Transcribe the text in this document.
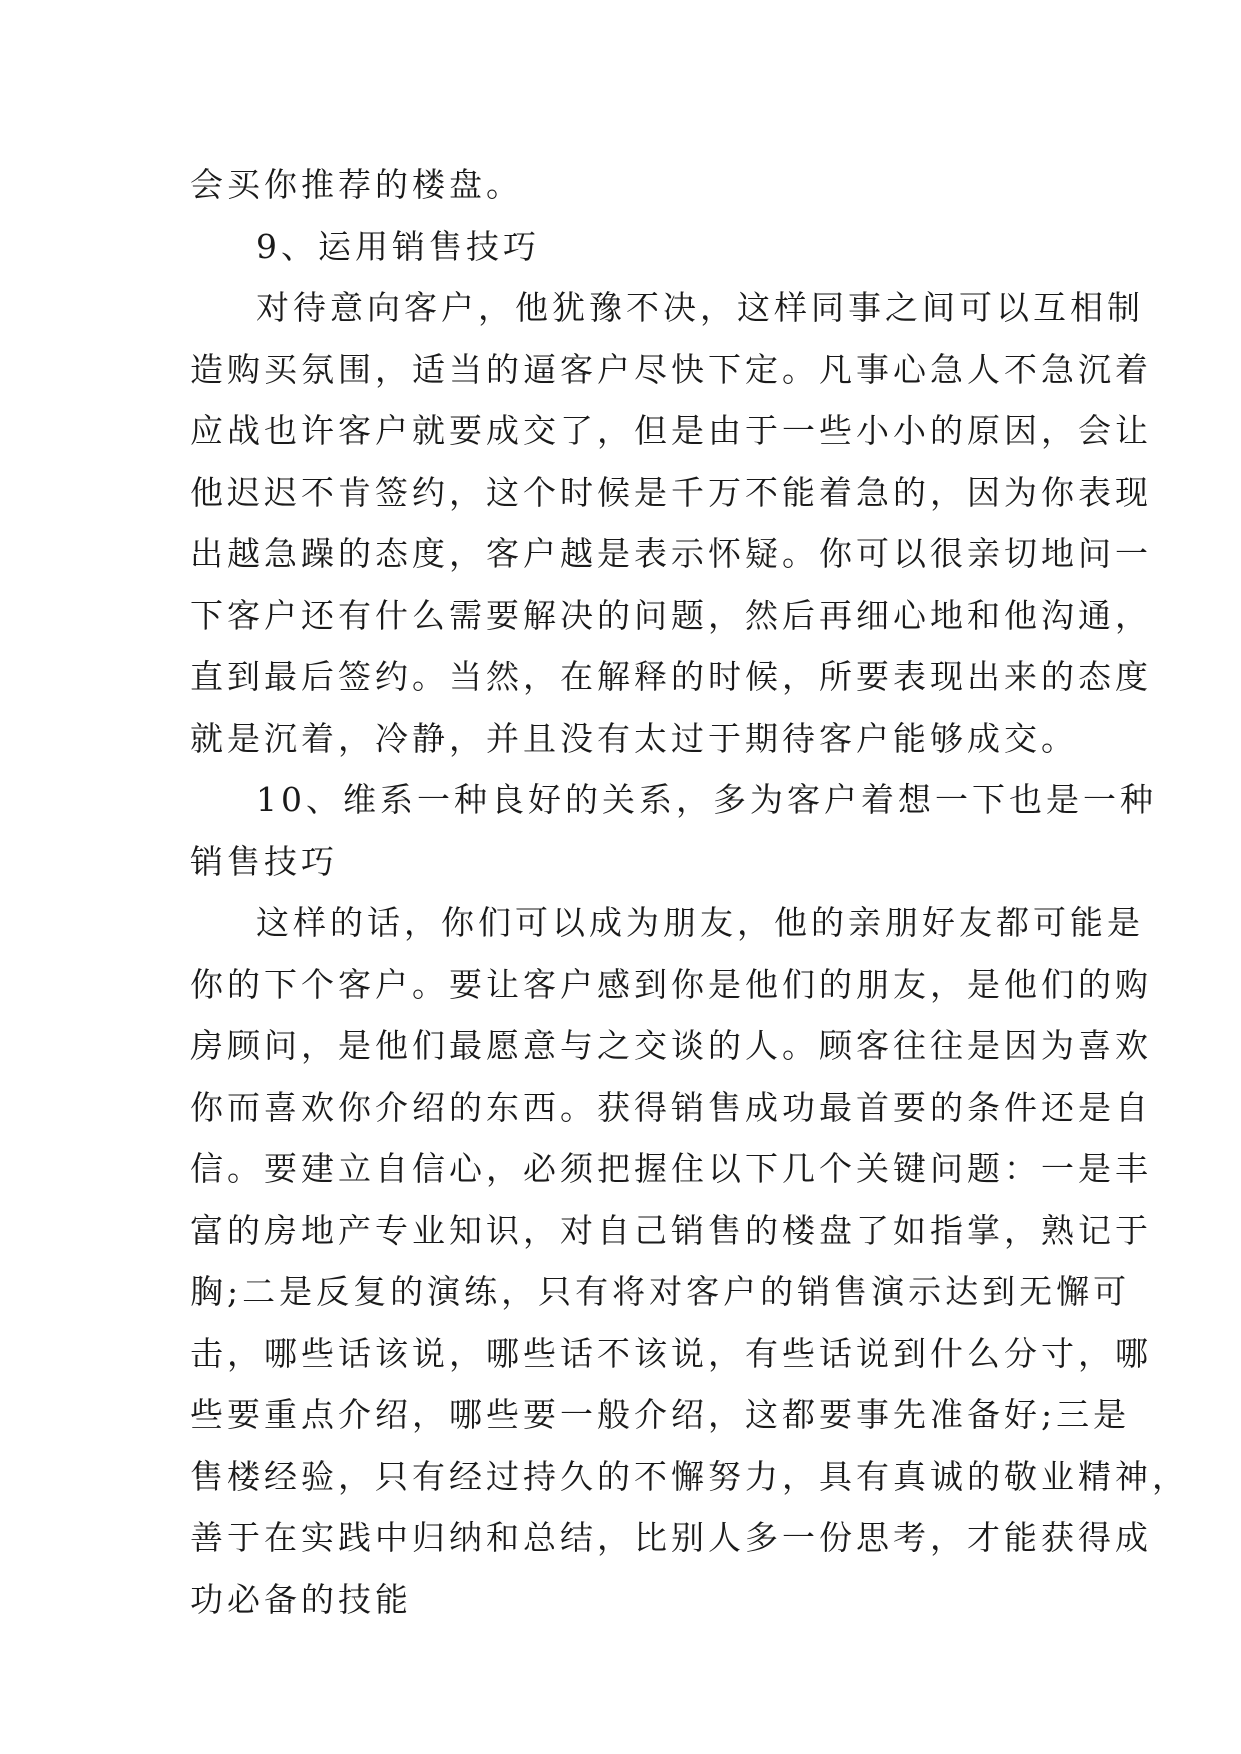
会买你推荐的楼盘。
9、运用销售技巧
对待意向客户，他犹豫不决，这样同事之间可以互相制
造购买氛围，适当的逼客户尽快下定。凡事心急人不急沉着
应战也许客户就要成交了，但是由于一些小小的原因，会让
他迟迟不肯签约，这个时候是千万不能着急的，因为你表现
出越急躁的态度，客户越是表示怀疑。你可以很亲切地问一
下客户还有什么需要解决的问题，然后再细心地和他沟通，
直到最后签约。当然，在解释的时候，所要表现出来的态度
就是沉着，冷静，并且没有太过于期待客户能够成交。
10、维系一种良好的关系，多为客户着想一下也是一种
销售技巧
这样的话，你们可以成为朋友，他的亲朋好友都可能是
你的下个客户。要让客户感到你是他们的朋友，是他们的购
房顾问，是他们最愿意与之交谈的人。顾客往往是因为喜欢
你而喜欢你介绍的东西。获得销售成功最首要的条件还是自
信。要建立自信心，必须把握住以下几个关键问题：一是丰
富的房地产专业知识，对自己销售的楼盘了如指掌，熟记于
胸;二是反复的演练，只有将对客户的销售演示达到无懈可
击，哪些话该说，哪些话不该说，有些话说到什么分寸，哪
些要重点介绍，哪些要一般介绍，这都要事先准备好;三是
售楼经验，只有经过持久的不懈努力，具有真诚的敬业精神，
善于在实践中归纳和总结，比别人多一份思考，才能获得成
功必备的技能
